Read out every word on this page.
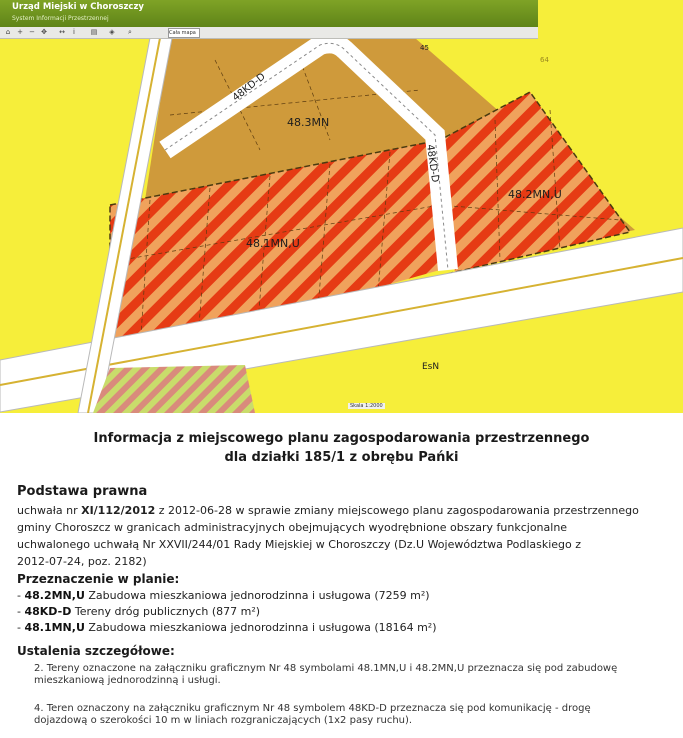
Urząd Miejski w Choroszczy
System Informacji Przestrzennej
⌂ + − ✥ ↔	i	▤ ◈ ⌕	Cała mapa
48KD-D
48KD-D
48.3MN
48.2MN,U
48.1MN,U
EsN
45
64
Skala 1:2000
Informacja z miejscowego planu zagospodarowania przestrzennego
dla działki 185/1 z obrębu Pańki
Podstawa prawna
uchwała nr XI/112/2012 z 2012-06-28 w sprawie zmiany miejscowego planu zagospodarowania przestrzennego
gminy Choroszcz w granicach administracyjnych obejmujących wyodrębnione obszary funkcjonalne
uchwalonego uchwałą Nr XXVII/244/01 Rady Miejskiej w Choroszczy (Dz.U Województwa Podlaskiego z
2012-07-24, poz. 2182)
Przeznaczenie w planie:
- 48.2MN,U Zabudowa mieszkaniowa jednorodzinna i usługowa (7259 m²)
- 48KD-D Tereny dróg publicznych (877 m²)
- 48.1MN,U Zabudowa mieszkaniowa jednorodzinna i usługowa (18164 m²)
Ustalenia szczegółowe:
2. Tereny oznaczone na załączniku graficznym Nr 48 symbolami 48.1MN,U i 48.2MN,U przeznacza się pod zabudowę
mieszkaniową jednorodzinną i usługi.
4. Teren oznaczony na załączniku graficznym Nr 48 symbolem 48KD-D przeznacza się pod komunikację - drogę
dojazdową o szerokości 10 m w liniach rozgraniczających (1x2 pasy ruchu).
